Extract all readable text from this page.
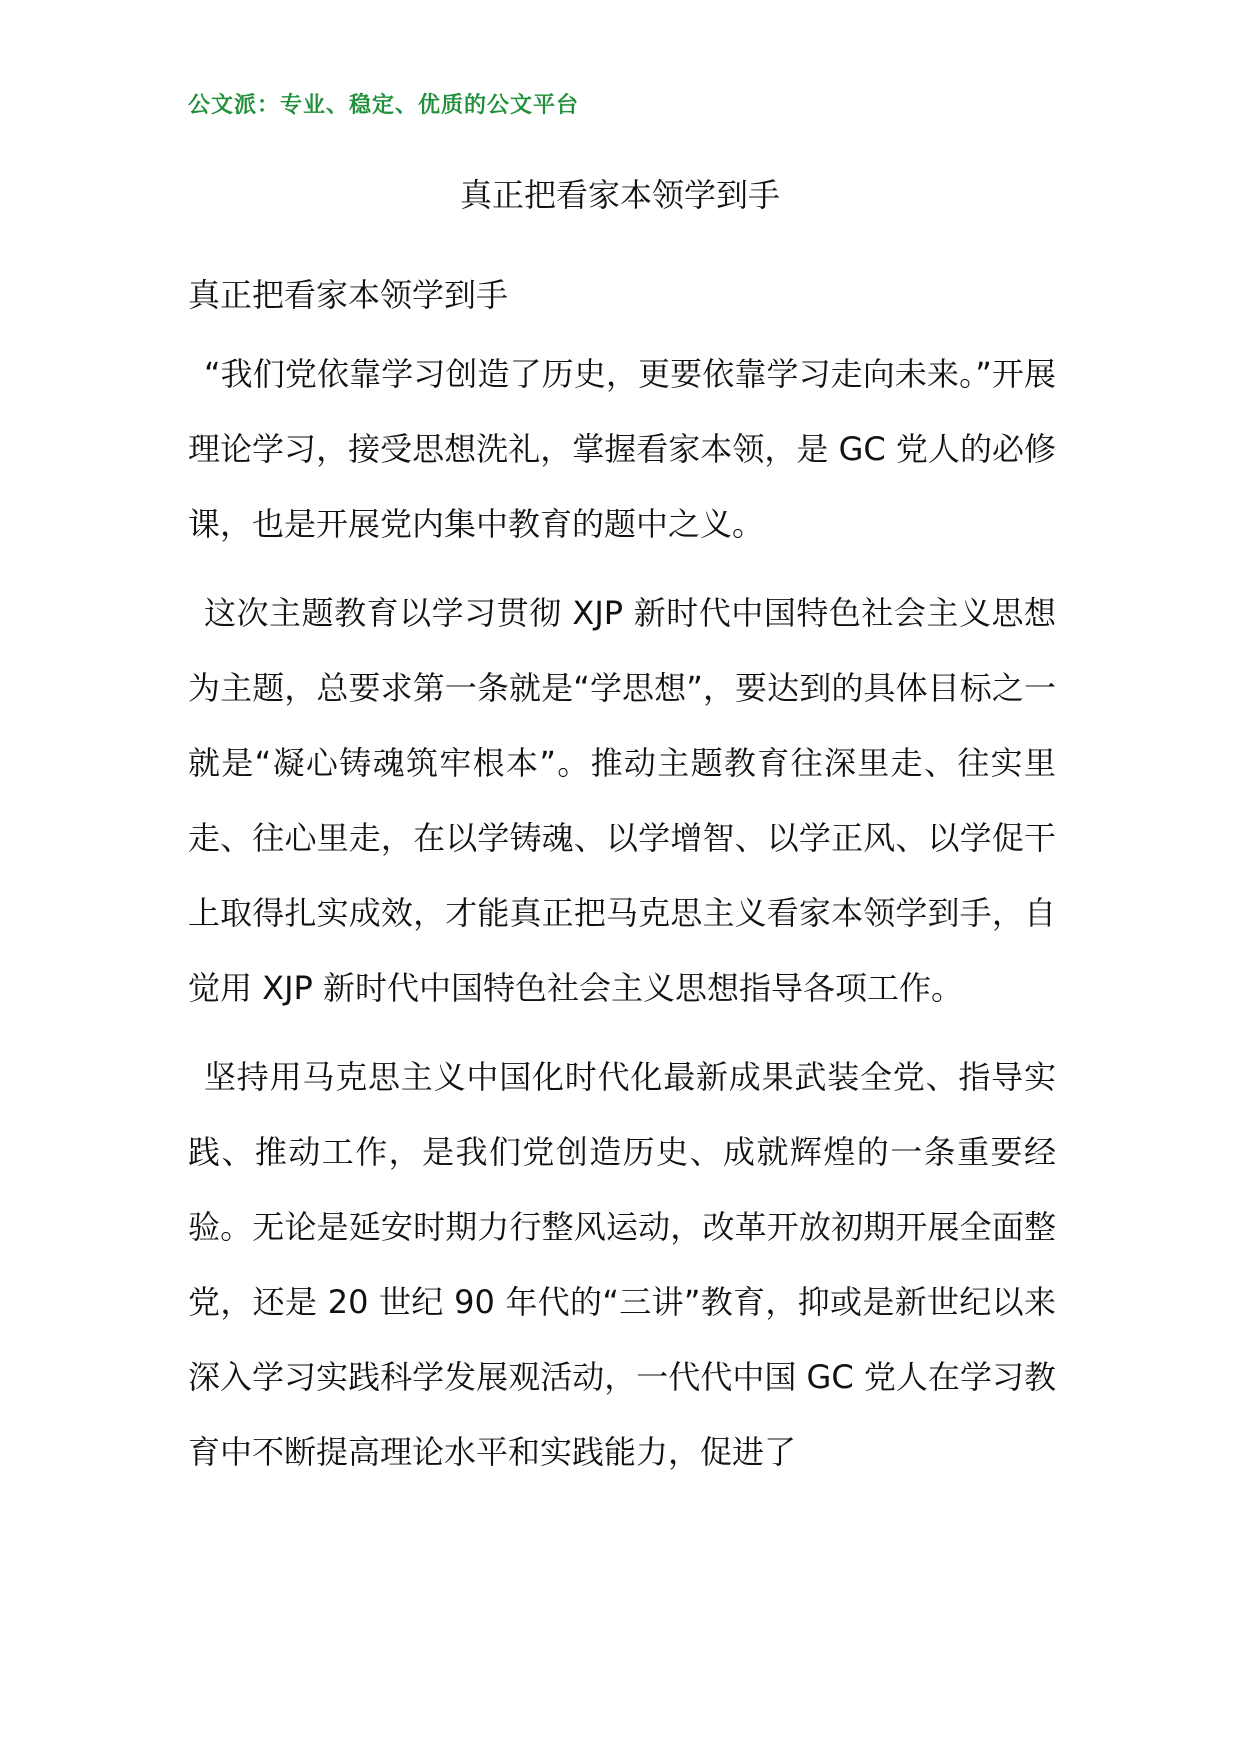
公文派：专业、稳定、优质的公文平台
真正把看家本领学到手

真正把看家本领学到手

“我们党依靠学习创造了历史，更要依靠学习走向未来。”开展理论学习，接受思想洗礼，掌握看家本领，是 GC 党人的必修课，也是开展党内集中教育的题中之义。

这次主题教育以学习贯彻 XJP 新时代中国特色社会主义思想为主题，总要求第一条就是“学思想”，要达到的具体目标之一就是“凝心铸魂筑牢根本”。推动主题教育往深里走、往实里走、往心里走，在以学铸魂、以学增智、以学正风、以学促干上取得扎实成效，才能真正把马克思主义看家本领学到手，自觉用 XJP 新时代中国特色社会主义思想指导各项工作。

坚持用马克思主义中国化时代化最新成果武装全党、指导实践、推动工作，是我们党创造历史、成就辉煌的一条重要经验。无论是延安时期力行整风运动，改革开放初期开展全面整党，还是 20 世纪 90 年代的“三讲”教育，抑或是新世纪以来深入学习实践科学发展观活动，一代代中国 GC 党人在学习教育中不断提高理论水平和实践能力，促进了
